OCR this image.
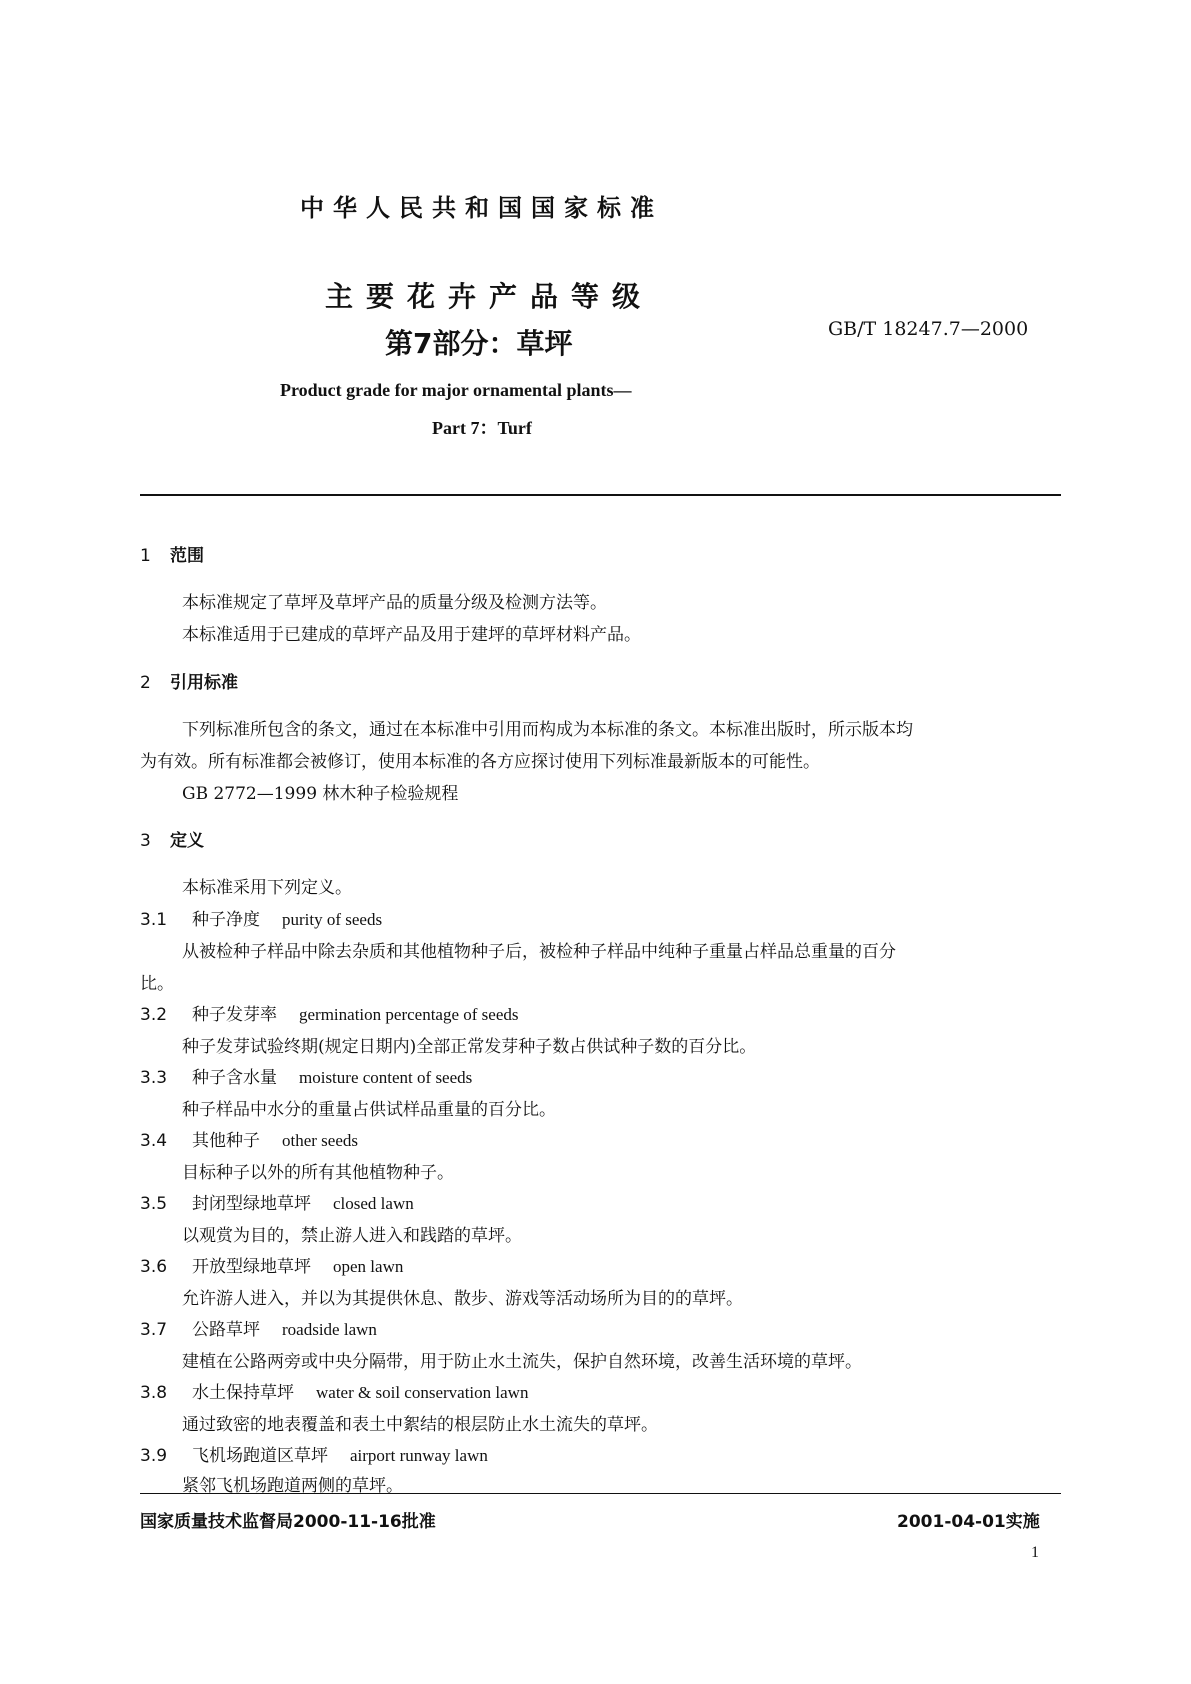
中华人民共和国国家标准
主要花卉产品等级
第7部分：草坪	GB/T 18247.7—2000
Product grade for major ornamental plants—
Part 7：Turf
1 范围
本标准规定了草坪及草坪产品的质量分级及检测方法等。
本标准适用于已建成的草坪产品及用于建坪的草坪材料产品。
2 引用标准
下列标准所包含的条文，通过在本标准中引用而构成为本标准的条文。本标准出版时，所示版本均
为有效。所有标准都会被修订，使用本标准的各方应探讨使用下列标准最新版本的可能性。
GB 2772—1999 林木种子检验规程
3 定义
本标准采用下列定义。
3.1 种子净度 purity of seeds
从被检种子样品中除去杂质和其他植物种子后，被检种子样品中纯种子重量占样品总重量的百分
比。
3.2 种子发芽率 germination percentage of seeds
种子发芽试验终期(规定日期内)全部正常发芽种子数占供试种子数的百分比。
3.3 种子含水量 moisture content of seeds
种子样品中水分的重量占供试样品重量的百分比。
3.4 其他种子 other seeds
目标种子以外的所有其他植物种子。
3.5 封闭型绿地草坪 closed lawn
以观赏为目的，禁止游人进入和践踏的草坪。
3.6 开放型绿地草坪 open lawn
允许游人进入，并以为其提供休息、散步、游戏等活动场所为目的的草坪。
3.7 公路草坪 roadside lawn
建植在公路两旁或中央分隔带，用于防止水土流失，保护自然环境，改善生活环境的草坪。
3.8 水土保持草坪 water & soil conservation lawn
通过致密的地表覆盖和表土中絮结的根层防止水土流失的草坪。
3.9 飞机场跑道区草坪 airport runway lawn
紧邻飞机场跑道两侧的草坪。
国家质量技术监督局2000-11-16批准	2001-04-01实施
1
